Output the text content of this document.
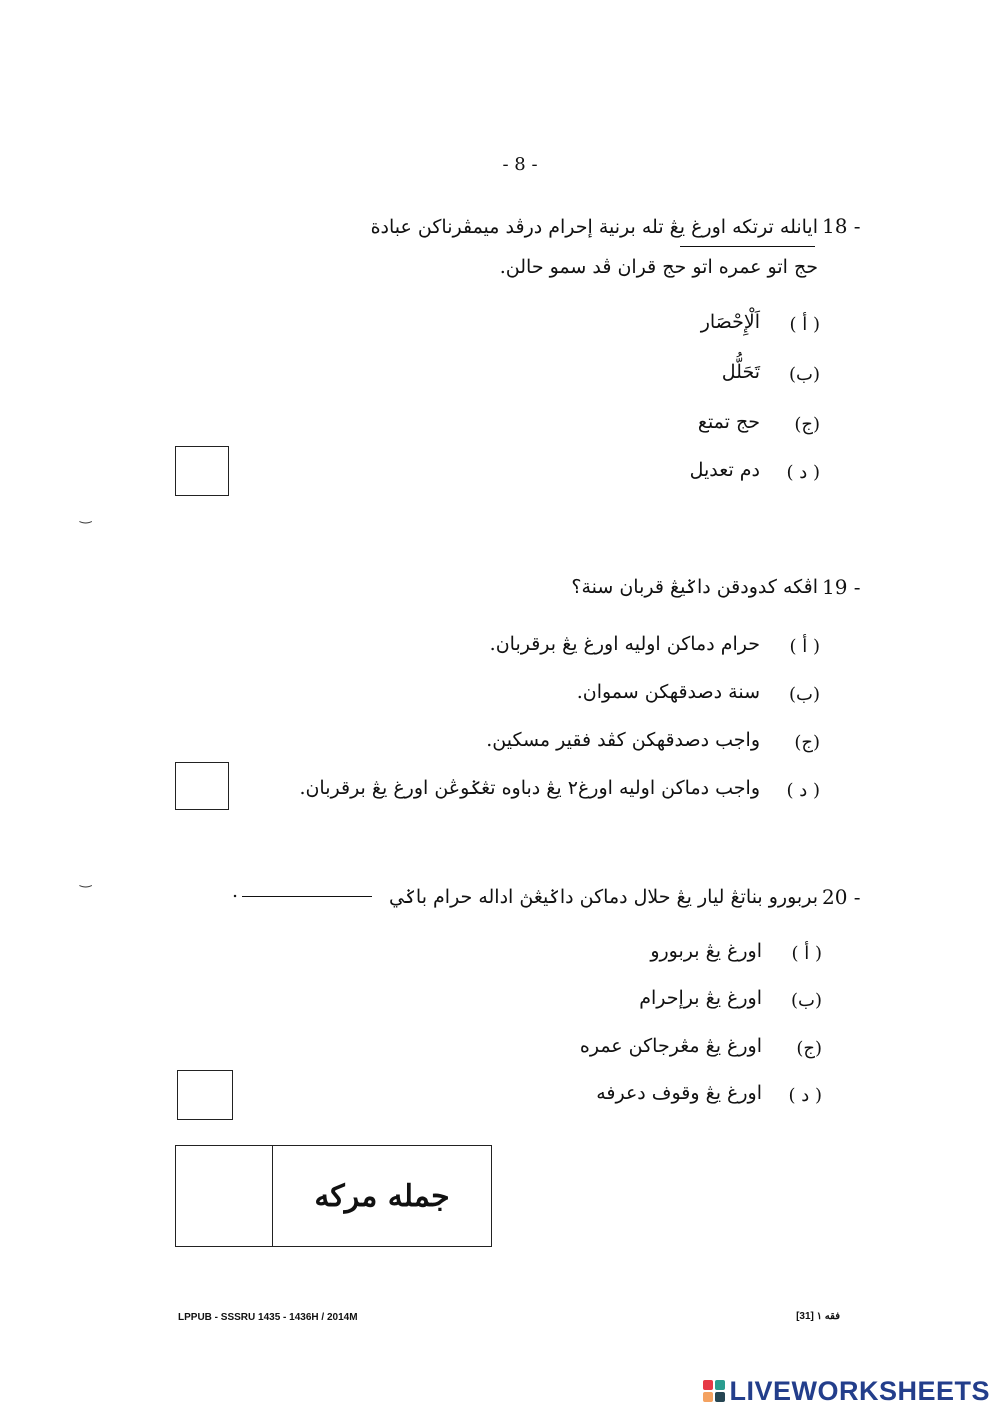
- 8 -
18 -
ايانله ترتكه اورغ يڠ تله برنية إحرام درڤد ميمڤرناكن عبادة
حج اتو عمره اتو حج قران ڤد سمو حالن.
( أ )
اَلْإِحْصَار
(ب)
تَحَلُّل
(ج)
حج تمتع
( د )
دم تعديل
‿
19 -
اڤكه كدودقن داݢيڠ قربان سنة؟
( أ )
حرام دماكن اوليه اورغ يڠ برقربان.
(ب)
سنة دصدقهكن سموان.
(ج)
واجب دصدقهكن كڤد فقير مسكين.
( د )
واجب دماكن اوليه اورغ٢ يڠ دباوه تڠݢوڠن اورغ يڠ برقربان.
‿
20 -
بربورو بناتڠ ليار يڠ حلال دماكن داݢيڠڽ اداله حرام باݢي
.
( أ )
اورغ يڠ بربورو
(ب)
اورغ يڠ برإحرام
(ج)
اورغ يڠ مڠرجاكن عمره
( د )
اورغ يڠ وقوف دعرفه
جمله مركه
LPPUB - SSSRU 1435 - 1436H / 2014M	فقه ١ [31]
LIVEWORKSHEETS
